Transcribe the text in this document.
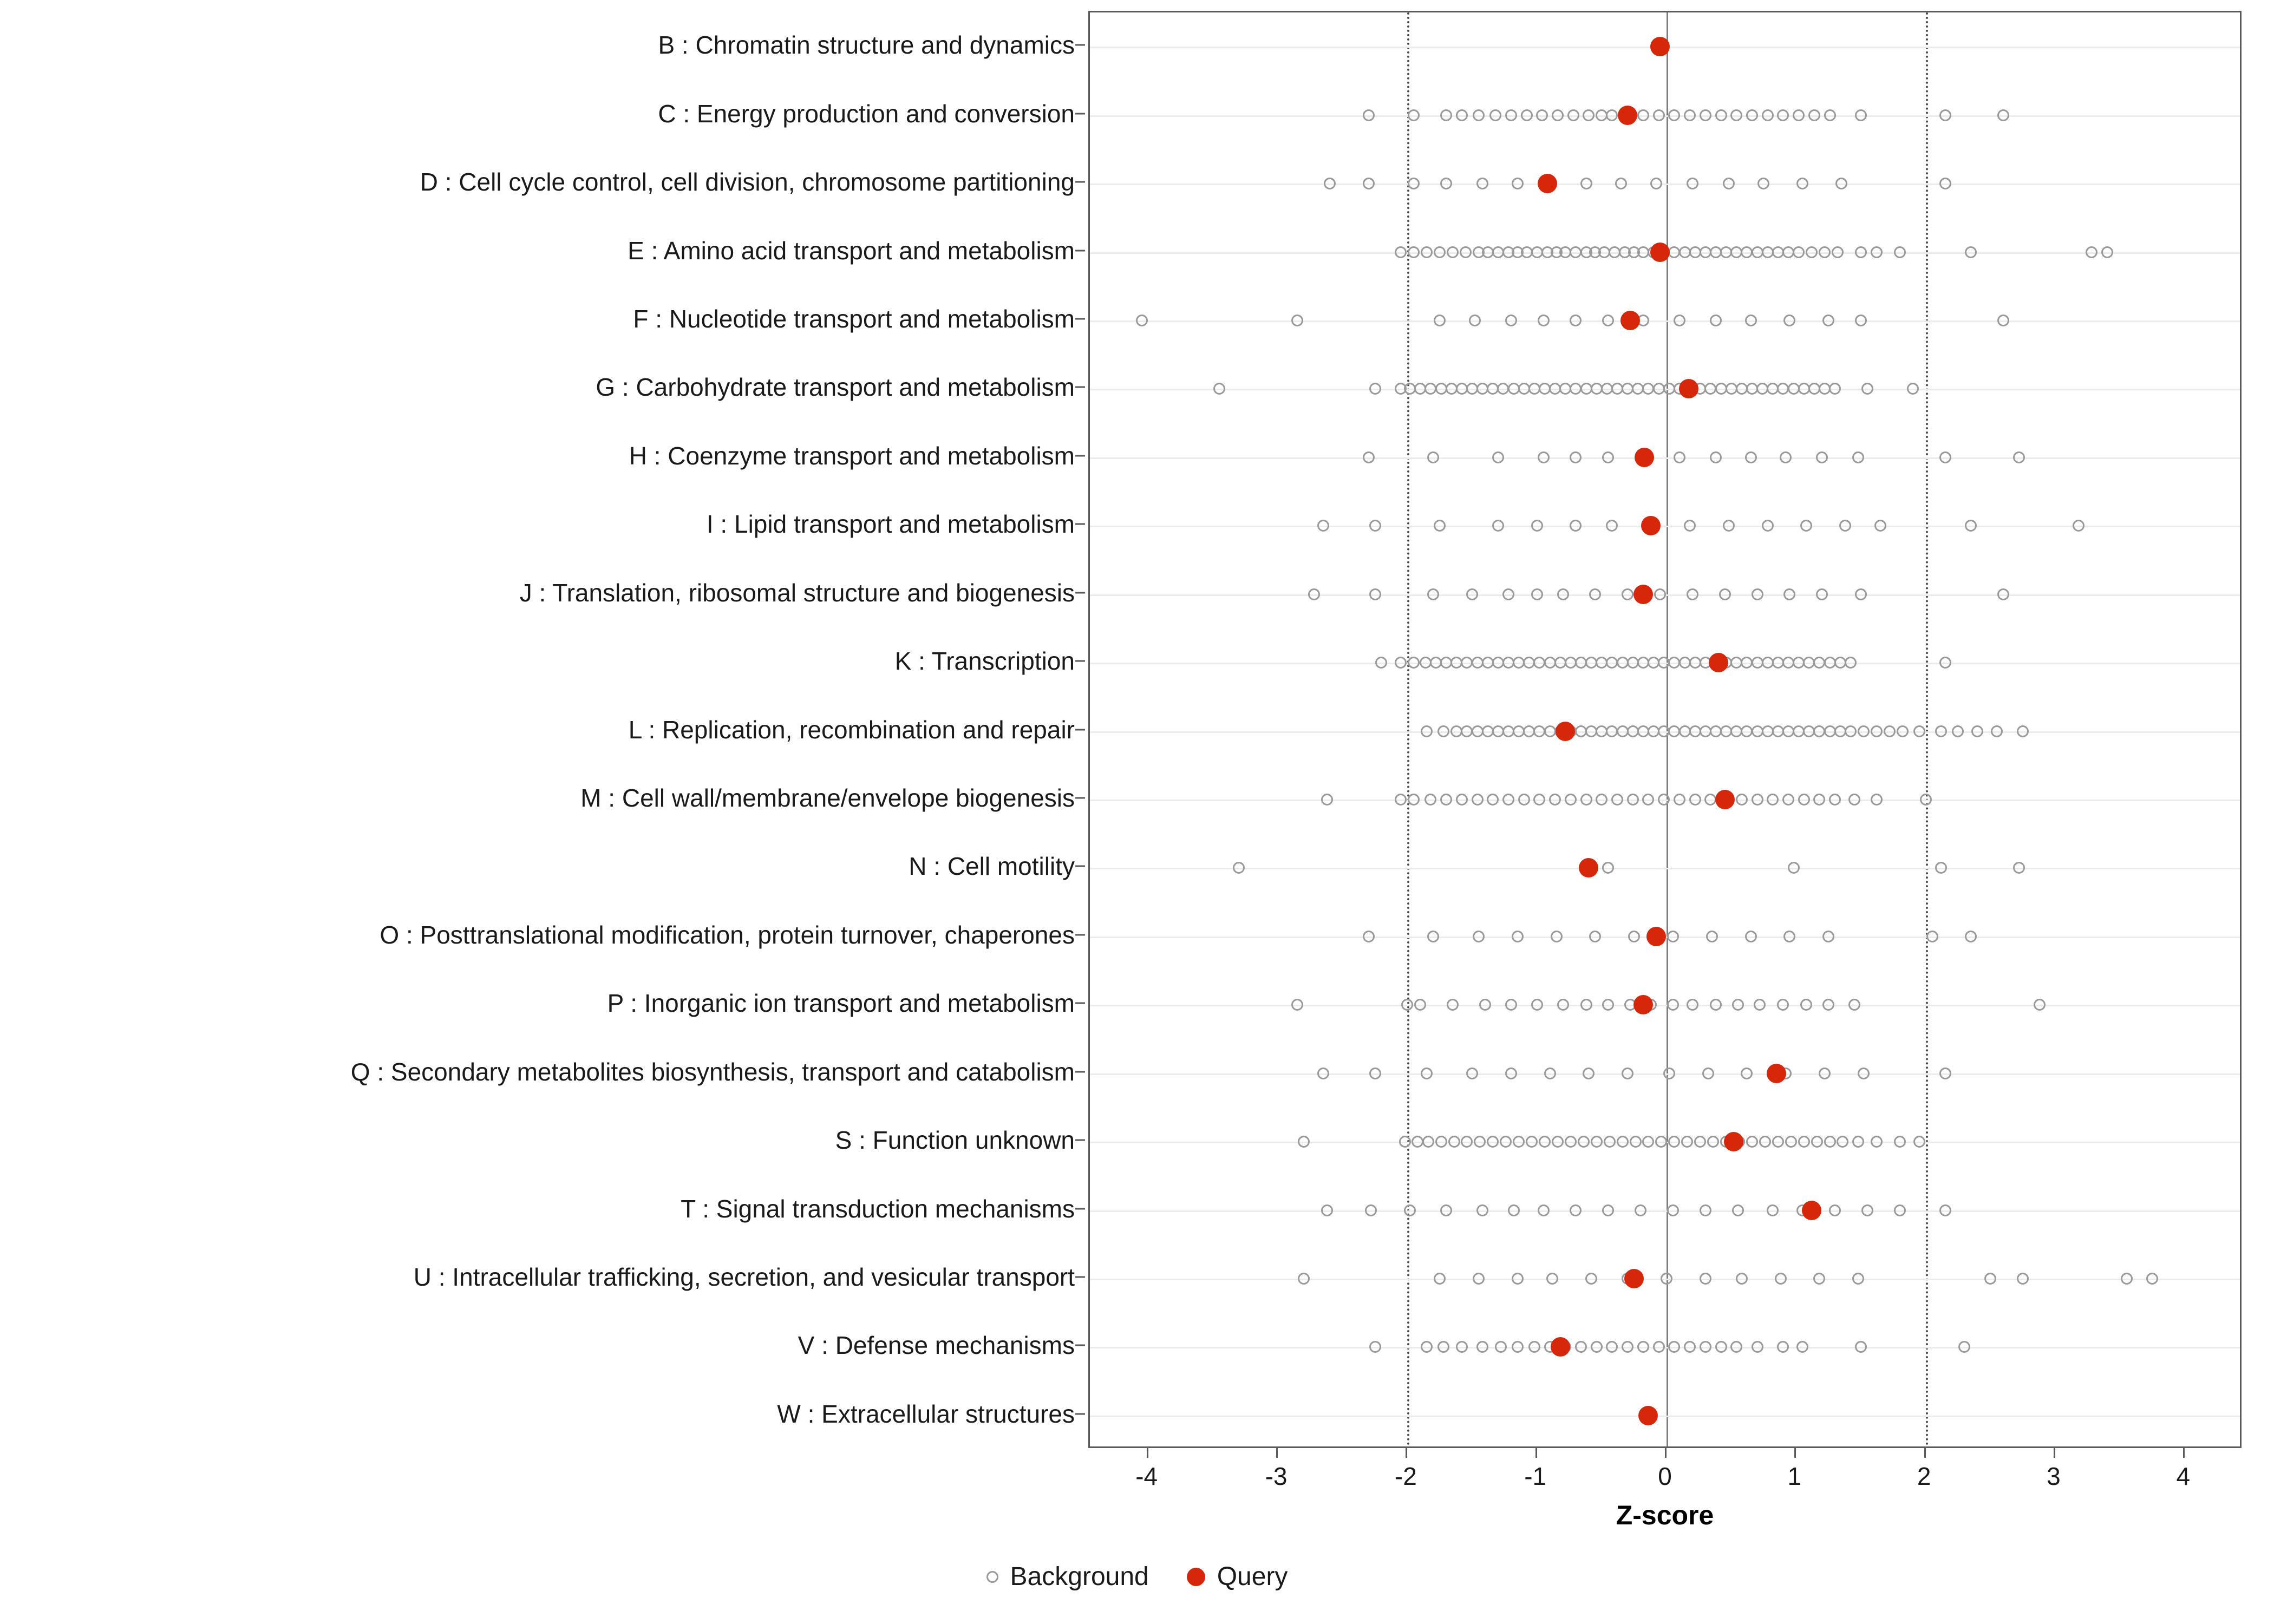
B : Chromatin structure and dynamics
C : Energy production and conversion
D : Cell cycle control, cell division, chromosome partitioning
E : Amino acid transport and metabolism
F : Nucleotide transport and metabolism
G : Carbohydrate transport and metabolism
H : Coenzyme transport and metabolism
I : Lipid transport and metabolism
J : Translation, ribosomal structure and biogenesis
K : Transcription
L : Replication, recombination and repair
M : Cell wall/membrane/envelope biogenesis
N : Cell motility
O : Posttranslational modification, protein turnover, chaperones
P : Inorganic ion transport and metabolism
Q : Secondary metabolites biosynthesis, transport and catabolism
S : Function unknown
T : Signal transduction mechanisms
U : Intracellular trafficking, secretion, and vesicular transport
V : Defense mechanisms
W : Extracellular structures
-4	-3	-2	-1	0	1	2	3	4
Z-score
Background	Query
